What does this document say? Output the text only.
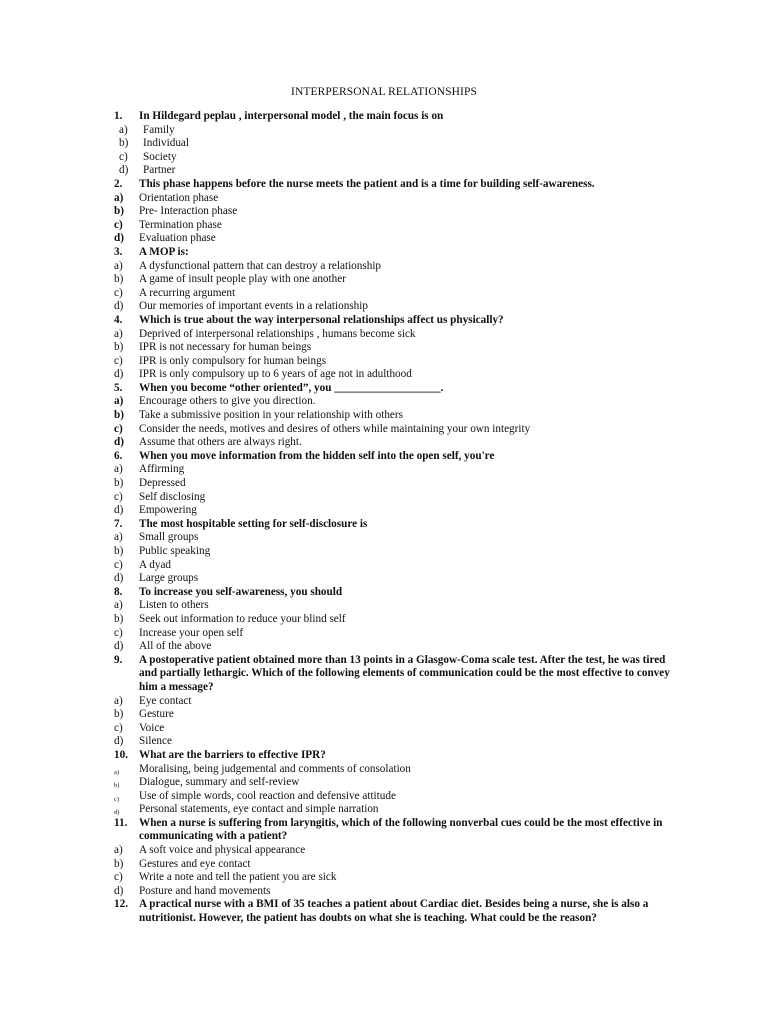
INTERPERSONAL RELATIONSHIPS
1. In Hildegard peplau , interpersonal model , the main focus is on
a) Family
b) Individual
c) Society
d) Partner
2. This phase happens before the nurse meets the patient and is a time for building self-awareness.
a) Orientation phase
b) Pre- Interaction phase
c) Termination phase
d) Evaluation phase
3. A MOP is:
a) A dysfunctional pattern that can destroy a relationship
b) A game of insult people play with one another
c) A recurring argument
d) Our memories of important events in a relationship
4. Which is true about the way interpersonal relationships affect us physically?
a) Deprived of interpersonal relationships , humans become sick
b) IPR is not necessary for human beings
c) IPR is only compulsory for human beings
d) IPR is only compulsory up to 6 years of age not in adulthood
5. When you become “other oriented”, you ___________________.
a) Encourage others to give you direction.
b) Take a submissive position in your relationship with others
c) Consider the needs, motives and desires of others while maintaining your own integrity
d) Assume that others are always right.
6. When you move information from the hidden self into the open self, you're
a) Affirming
b) Depressed
c) Self disclosing
d) Empowering
7. The most hospitable setting for self-disclosure is
a) Small groups
b) Public speaking
c) A dyad
d) Large groups
8. To increase you self-awareness, you should
a) Listen to others
b) Seek out information to reduce your blind self
c) Increase your open self
d) All of the above
9. A postoperative patient obtained more than 13 points in a Glasgow-Coma scale test. After the test, he was tired and partially lethargic. Which of the following elements of communication could be the most effective to convey him a message?
a) Eye contact
b) Gesture
c) Voice
d) Silence
10. What are the barriers to effective IPR?
a) Moralising, being judgemental and comments of consolation
b) Dialogue, summary and self-review
c) Use of simple words, cool reaction and defensive attitude
d) Personal statements, eye contact and simple narration
11. When a nurse is suffering from laryngitis, which of the following nonverbal cues could be the most effective in communicating with a patient?
a) A soft voice and physical appearance
b) Gestures and eye contact
c) Write a note and tell the patient you are sick
d) Posture and hand movements
12. A practical nurse with a BMI of 35 teaches a patient about Cardiac diet. Besides being a nurse, she is also a nutritionist. However, the patient has doubts on what she is teaching. What could be the reason?
